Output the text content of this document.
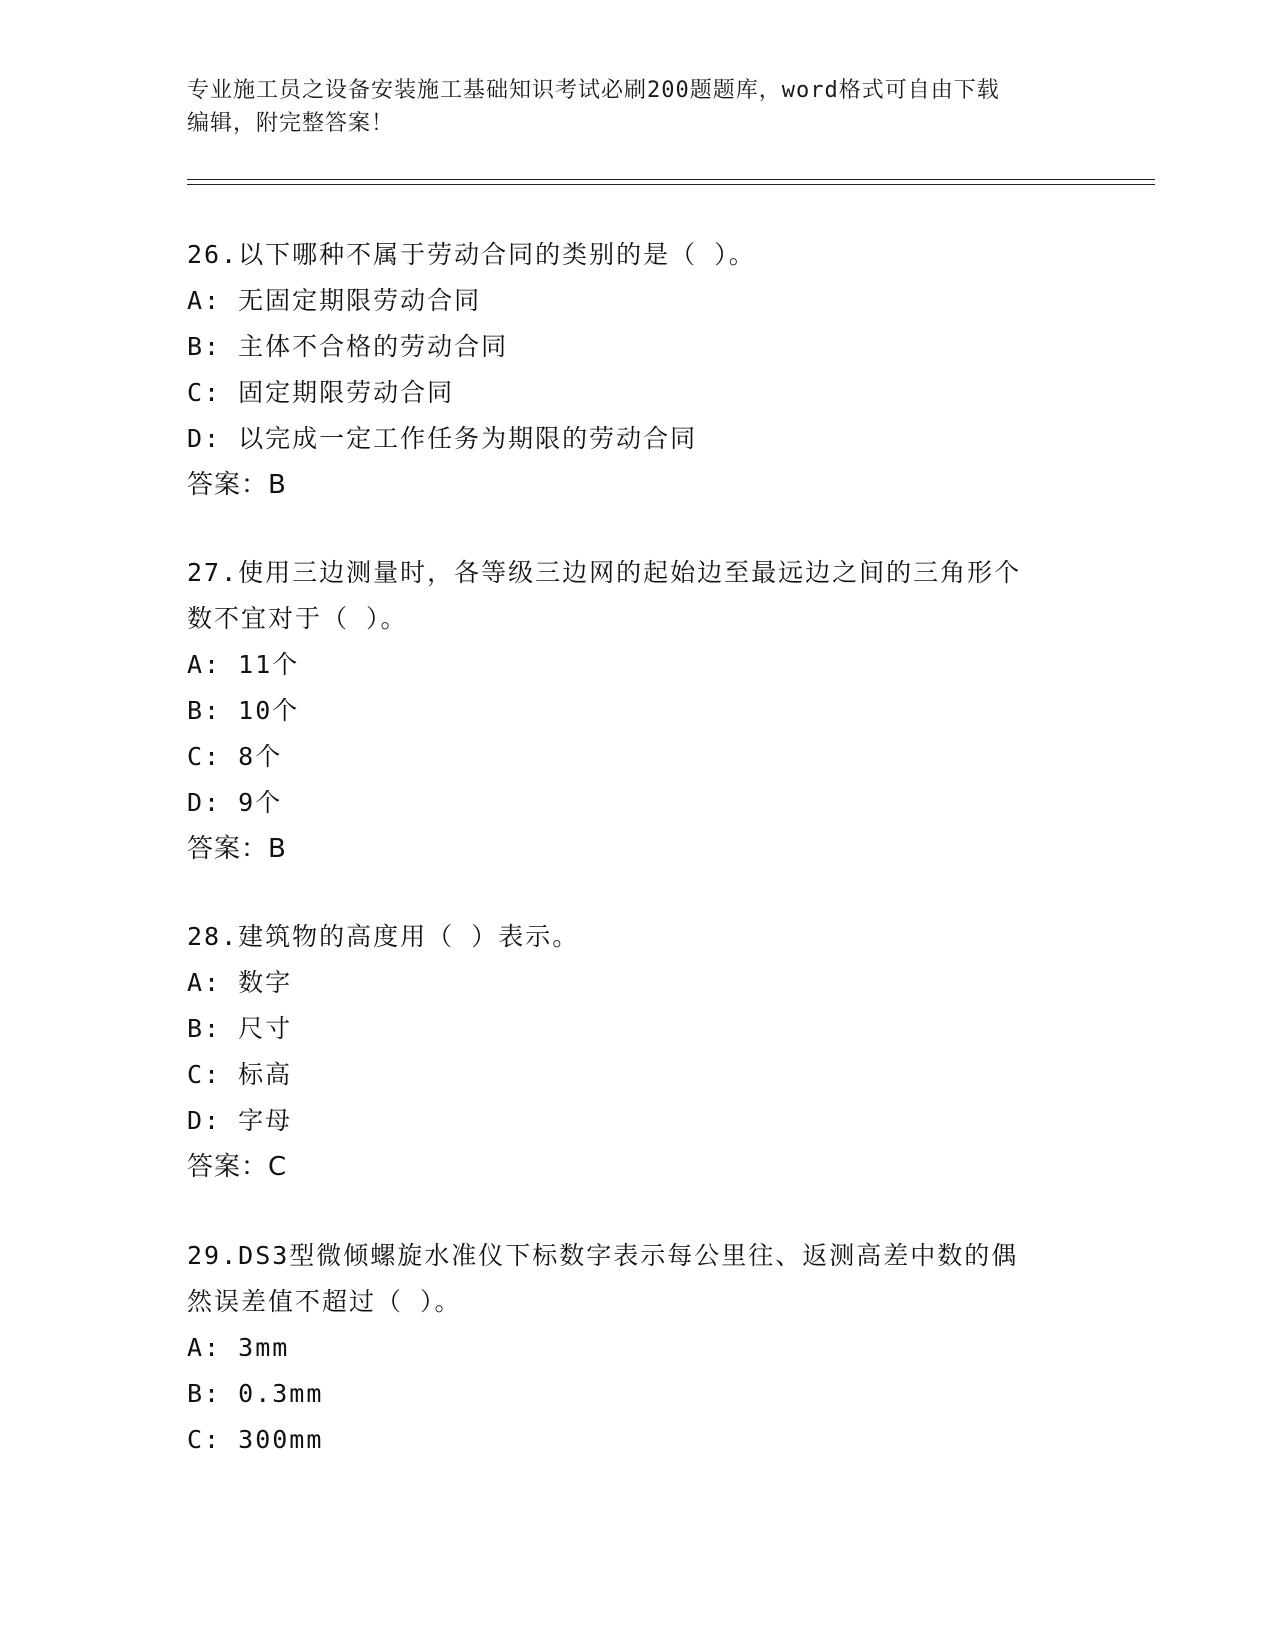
专业施工员之设备安装施工基础知识考试必刷200题题库，word格式可自由下载
编辑，附完整答案！

26.以下哪种不属于劳动合同的类别的是（ ）。

A: 无固定期限劳动合同

B: 主体不合格的劳动合同

C: 固定期限劳动合同

D: 以完成一定工作任务为期限的劳动合同

答案：B

27.使用三边测量时，各等级三边网的起始边至最远边之间的三角形个

数不宜对于（ ）。

A: 11个

B: 10个

C: 8个

D: 9个

答案：B

28.建筑物的高度用（ ）表示。

A: 数字

B: 尺寸

C: 标高

D: 字母

答案：C

29.DS3型微倾螺旋水准仪下标数字表示每公里往、返测高差中数的偶

然误差值不超过（ ）。

A: 3mm

B: 0.3mm

C: 300mm
